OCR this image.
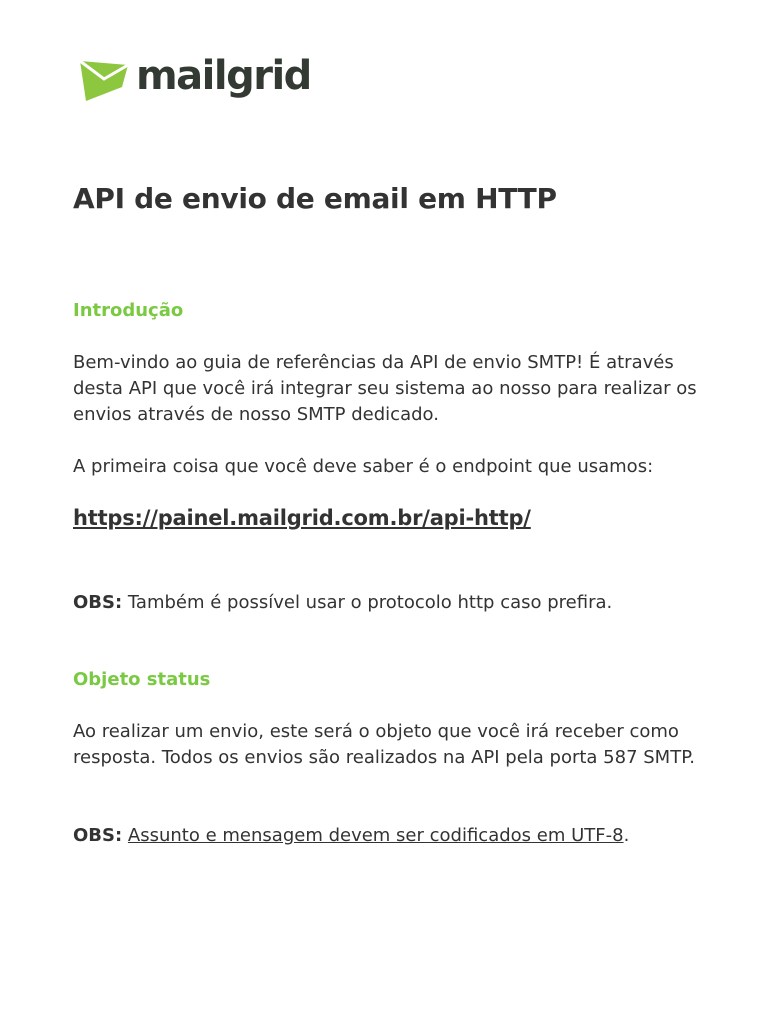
mailgrid
API de envio de email em HTTP
Introdução

Bem-vindo ao guia de referências da API de envio SMTP! É através desta API que você irá integrar seu sistema ao nosso para realizar os envios através de nosso SMTP dedicado.

A primeira coisa que você deve saber é o endpoint que usamos:

https://painel.mailgrid.com.br/api-http/

OBS: Também é possível usar o protocolo http caso prefira.

Objeto status

Ao realizar um envio, este será o objeto que você irá receber como resposta. Todos os envios são realizados na API pela porta 587 SMTP.

OBS: Assunto e mensagem devem ser codificados em UTF-8.
